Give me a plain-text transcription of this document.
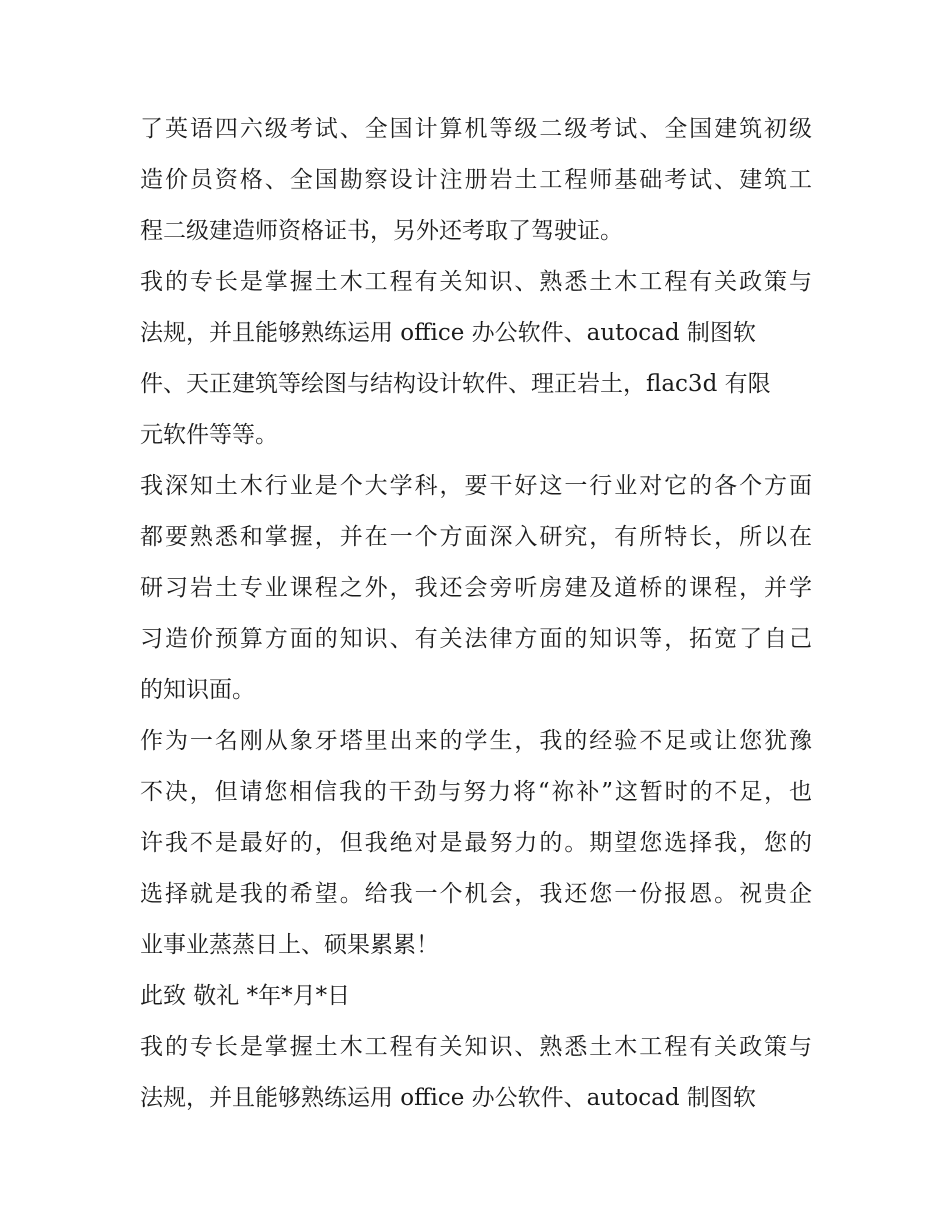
了英语四六级考试、全国计算机等级二级考试、全国建筑初级
造价员资格、全国勘察设计注册岩土工程师基础考试、建筑工
程二级建造师资格证书，另外还考取了驾驶证。
我的专长是掌握土木工程有关知识、熟悉土木工程有关政策与
法规，并且能够熟练运用 office 办公软件、autocad 制图软
件、天正建筑等绘图与结构设计软件、理正岩土，flac3d 有限
元软件等等。
我深知土木行业是个大学科，要干好这一行业对它的各个方面
都要熟悉和掌握，并在一个方面深入研究，有所特长，所以在
研习岩土专业课程之外，我还会旁听房建及道桥的课程，并学
习造价预算方面的知识、有关法律方面的知识等，拓宽了自己
的知识面。
作为一名刚从象牙塔里出来的学生，我的经验不足或让您犹豫
不决，但请您相信我的干劲与努力将“祢补”这暂时的不足，也
许我不是最好的，但我绝对是最努力的。期望您选择我，您的
选择就是我的希望。给我一个机会，我还您一份报恩。祝贵企
业事业蒸蒸日上、硕果累累！
此致 敬礼 *年*月*日
我的专长是掌握土木工程有关知识、熟悉土木工程有关政策与
法规，并且能够熟练运用 office 办公软件、autocad 制图软
